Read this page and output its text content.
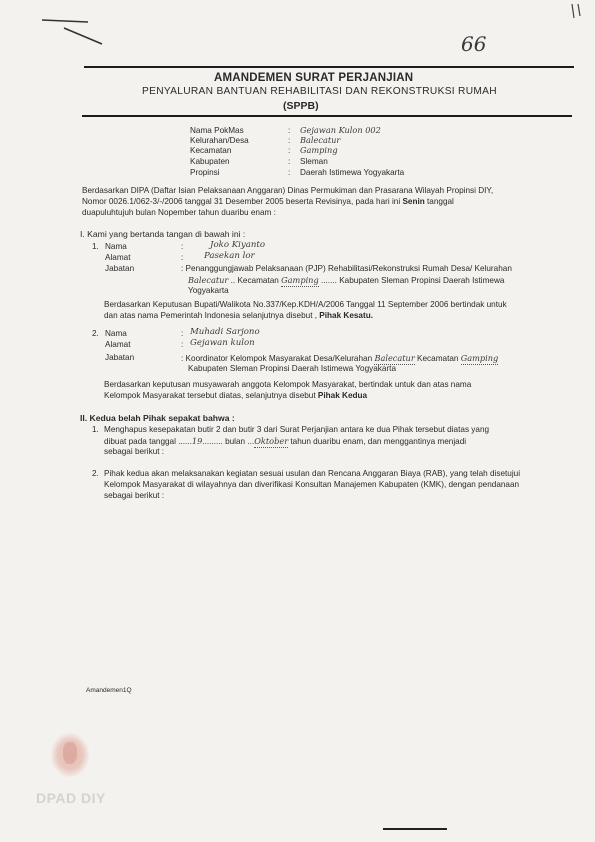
66
AMANDEMEN SURAT PERJANJIAN
PENYALURAN BANTUAN REHABILITASI DAN REKONSTRUKSI RUMAH
(SPPB)
Nama PokMas	: Gejawan Kulon 002
Kelurahan/Desa	: Balecatur
Kecamatan	: Gamping
Kabupaten	: Sleman
Propinsi	: Daerah Istimewa Yogyakarta
Berdasarkan DIPA (Daftar Isian Pelaksanaan Anggaran) Dinas Permukiman dan Prasarana Wilayah Propinsi DIY,
Nomor 0026.1/062-3/-/2006 tanggal 31 Desember 2005 beserta Revisinya, pada hari ini Senin tanggal
duapuluhtujuh bulan Nopember tahun duaribu enam :
I. Kami yang bertanda tangan di bawah ini :
1. Nama	:	Joko Kiyanto
Alamat	: Pasekan lor
Jabatan	: Penanggungjawab Pelaksanaan (PJP) Rehabilitasi/Rekonstruksi Rumah Desa/ Kelurahan
Balecatur .. Kecamatan Gamping ....... Kabupaten Sleman Propinsi Daerah Istimewa
Yogyakarta
Berdasarkan Keputusan Bupati/Walikota No.337/Kep.KDH/A/2006 Tanggal 11 September 2006 bertindak untuk
dan atas nama Pemerintah Indonesia selanjutnya disebut , Pihak Kesatu.
2. Nama	: Muhadi Sarjono
Alamat	: Gejawan kulon
Jabatan	: Koordinator Kelompok Masyarakat Desa/Kelurahan Balecatur Kecamatan Gamping
Kabupaten Sleman Propinsi Daerah Istimewa Yogyakarta
Berdasarkan keputusan musyawarah anggota Kelompok Masyarakat, bertindak untuk dan atas nama
Kelompok Masyarakat tersebut diatas, selanjutnya disebut Pihak Kedua
II. Kedua belah Pihak sepakat bahwa :
1. Menghapus kesepakatan butir 2 dan butir 3 dari Surat Perjanjian antara ke dua Pihak tersebut diatas yang
dibuat pada tanggal ......19......... bulan ...Oktober tahun duaribu enam, dan menggantinya menjadi
sebagai berikut :
2. Pihak kedua akan melaksanakan kegiatan sesuai usulan dan Rencana Anggaran Biaya (RAB), yang telah disetujui
Kelompok Masyarakat di wilayahnya dan diverifikasi Konsultan Manajemen Kabupaten (KMK), dengan pendanaan
sebagai berikut :
Amandemen1Q
DPAD DIY
